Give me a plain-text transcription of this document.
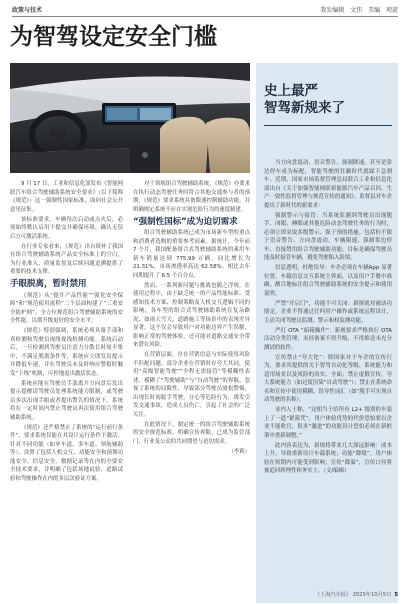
政策与技术	我发编辑 文伟 美编 项旋
为智驾设定安全门槛

9 月 17 日，工业和信息化部发布《智能网联汽车组合驾驶辅助系统安全要求》（以下简称《规范》）这一强制性国家标准，面向社会公开意见征集。

该标准要求，车辆每次启动或点火后，必须始终默认启用于提交并确保环境，确认无误后方可激活系统。

在行业专家看来，《规范》出台填补了我国在组合驾驶辅助系统产品安全标准上的空白，为行业准入、质量监督及后续问题追溯提供了重要的技术支撑。

手眼脱离，暂时禁用

《规范》从“提升产品性能”“强化安全保障”和“规范使用流程”三个层面构建了“三重安全防护网”。全方位规范组合驾驶辅助系统的安全性能，以期升级更好的安全水平。

《规范》特别强调，系统必须具备手部和真检测和驾驶员视线视线检测功能。系统启动后，一旦检测到驾驶员注意力分散长时间不集中，不满足脱离条件等，系统应立即发出提示并降低车速，并在驾驶员未及时响应警报时触发“下线”机制，可控地退出激活状态。

系统应能在驾驶员手部离开方向盘后发出提示提醒请驾驶员处理系统能力限制，或驾驶员多次出现手眼或者提出警告的情况下，系统将在一定时间内禁止驾驶员再次使用组合驾驶辅助系统。

《规范》还严格禁止了系统的“运行前行条件”，要求系统仅能在其设计运行条件下激活。针对不同功能（如单车道、多车道、领航辅助等），设置了包括人机交互、功能安全和预期功能安全、信息安全、数据记录等在内的全要安全技术要求，并明确了包括场地试验、道路试验和驾驶操作在内的多层次验证方案。

对于领航组合驾驶辅助系统，《规范》亦要求在执行动态驾驶任务时符合其他交通参与者的预期。《规范》要求系统具备限速控制辅助功能，并明确规定系统不应在实现危险行为的速度制建。

“强制性国标”成为迫切需求

组合驾驶辅助系统已成为市场新车型的重点和消费者选购的重要参考因素。据统计，今年前 7 个月，我国配备组合式驾驶辅助系统的乘用车新车销量达到 775.99 万辆，同比增长为 21.31%，市场渗透率高达 62.58%。相比去年同期提升了 6.5 个百分点。

然而，一系列新问题与挑战也随之浮现。在使用过程中，由于缺乏统一的产品性能标准、受感知技术方案、控制策略及人机交互逻辑不同的影响，各车型的组合式驾驶辅助系统在复杂路况、如雨天雪天、道路施工等场景中的表现差异显著。这不仅会导致用户对功能边界产生误解，影响正常的驾驶体验，还可能对道路交通安全带来潜在风险。

在营销层面，存在营销信息与实际使用风险不匹配问题。部分企业在营销时存夸大其词，使用“高级智能驾驶”“全程无需接管”等模糊性表述，模糊了“驾驶辅助”与“自动驾驶”的界限，忽视了系统的局限性，导致部分驾驶员放松警惕，出现长时间脱手驾驶，分心等危险行为，诱发引发交通事故，造成人员伤亡，引起了社会的广泛关注。

在此情况下，制定统一的组合驾驶辅助系统的安全规范标准，明确宣传界限，已成为监管部门、行业及公众的共同期望与迫切需求。

（李莉）

史上最严
智驾新规来了

当方向盘震动、语音警告、强制降速，甚至是靠边停车成为标配，智能驾驶的狂飙时代就踩下急刹车。近期，国家市场监督管理总局联合工业和信息化部出台《关于加强智能网联新能源汽车产品召回、生产一致性监督管理与规范宣传的通知》。监督层对车企提出了新时代的新要求：

强制警示与接管：当系统监测到驾驶员出现脱手、闭眼、睡眼或其他危险动态驾驶任务的行为时，必须立即采取多级警示、强干预的措施。包括但不限于语音警告、方向盘震动、车辆限速、强制靠边停车、直接禁用组合驾驶辅助功能，目标是确保驾驶员能及时接管车辆，避免驾驶陷入险境。

信息透明，杜绝误导：车企必须在车辆App 显著位置、车载信息交互系统主界面，以及用户手册中准确、醒目地标注组合驾驶辅助系统的安全提示和使用说明。

严禁“开启门”，功能不可关闭：新规就对被动功能定，企业不得通过任何用户操作或系统远程设计，主动关闭驾驶员监测、警示和权监测功能。

严打 OTA “暗箱操作”：新规要求严格执行 OTA 活动分类管理，未经备案不得升级，不得推送未充分测试的软件。

宣传禁止“夸大化”：除国家对于车企的宣传行为，要求其提供的关于智驾自动化等级、系统能力和适用场景以及风险的真实、全面；禁止虚假宣传，夸大系统能力（如过度渲染“自动驾驶”）；禁止在系统命名和宣传中使用模糊、误导性词汇（如“脱手可实现自动驾驶的名称）。

业内人士称，“这相当于给所有 L2+ 级别的车装上了一道“紧箍咒”，用户体验优势的代价恐怕要以企业不能收官，很多“激进”的功能设计恐怕必须在新框架中重新调整。”

此内容表达为，新规将带来几大深远影响：成本上升，导致重新设计车载系统；功能“降级”，用户体验在短期内可能受到影响；宣传“降温”，宣传口径将被追回到理性和务实上。（文/编辑）

《上海汽车报》 2025年10月5日 5
